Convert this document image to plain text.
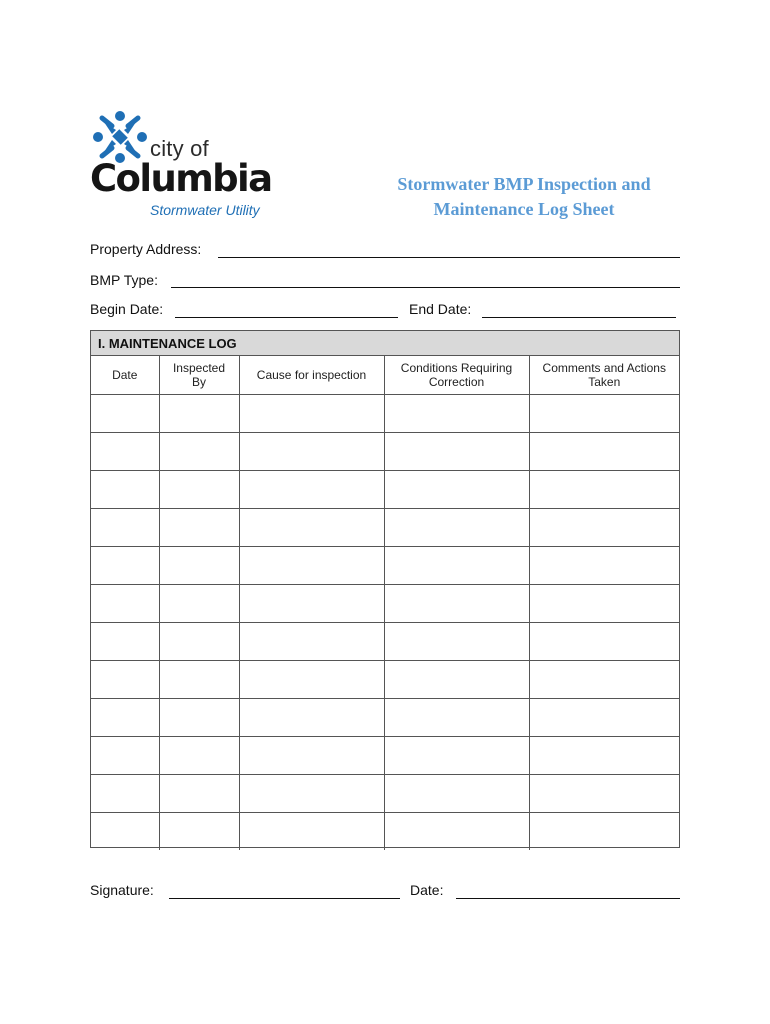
city of
Columbia
Stormwater Utility
Stormwater BMP Inspection and
Maintenance Log Sheet
Property Address:
BMP Type:
Begin Date:	End Date:
I. MAINTENANCE LOG
Date	Inspected By	Cause for inspection	Conditions Requiring Correction	Comments and Actions Taken

Signature:	Date:
